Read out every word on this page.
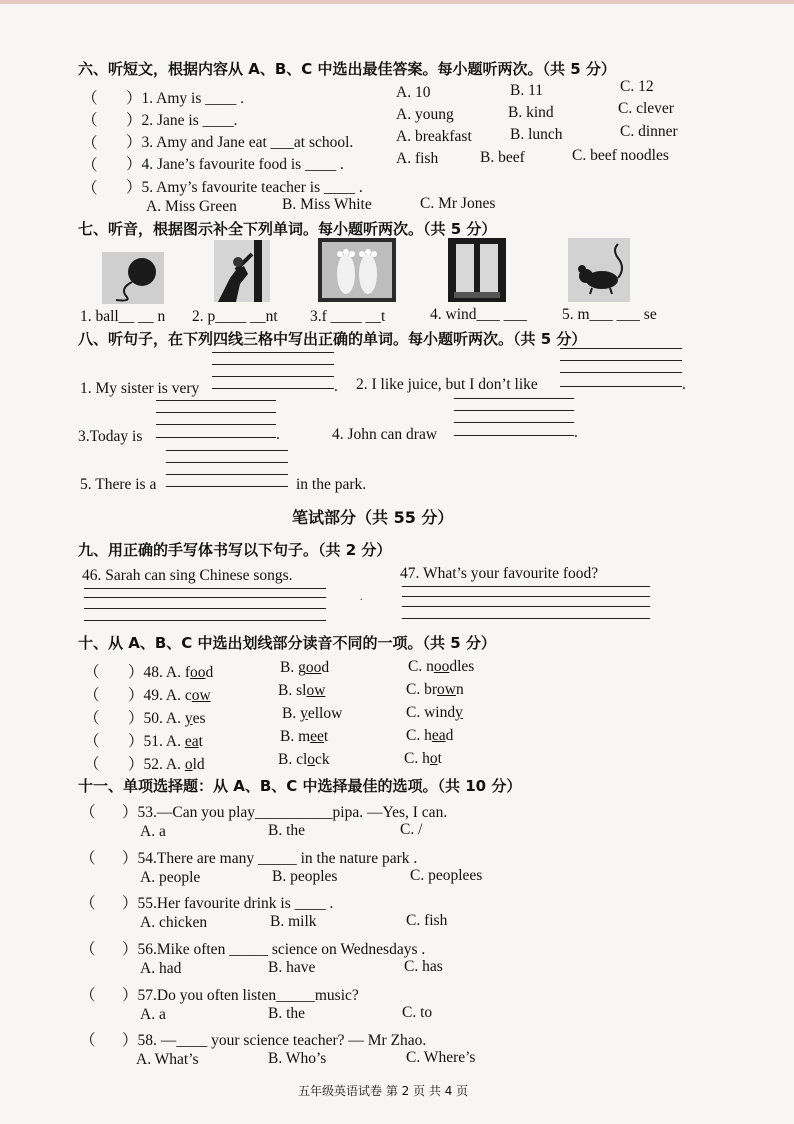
六、听短文，根据内容从 A、B、C 中选出最佳答案。每小题听两次。（共 5 分）
（ ）1. Amy is ____ .	A. 10	B. 11	C. 12
（ ）2. Jane is ____.	A. young	B. kind	C. clever
（ ）3. Amy and Jane eat ___at school.	A. breakfast B. lunch	C. dinner
（ ）4. Jane’s favourite food is ____ .	A. fish	B. beef	C. beef noodles
（ ）5. Amy’s favourite teacher is ____ .
A. Miss Green	B. Miss White	C. Mr Jones
七、听音，根据图示补全下列单词。每小题听两次。（共 5 分）
1. ball__ __ n 2. p____ __nt 3.f ____ __t	4. wind___ ___ 5. m___ ___ se
八、听句子，在下列四线三格中写出正确的单词。每小题听两次。（共 5 分）
1. My sister is very	. 2. I like juice, but I don’t like	.
3.Today is	.	4. John can draw	.
5. There is a	in the park.
笔试部分（共 55 分）
九、用正确的手写体书写以下句子。（共 2 分）
46. Sarah can sing Chinese songs.	47. What’s your favourite food?
.
十、从 A、B、C 中选出划线部分读音不同的一项。（共 5 分）
（ ）48. A. food	B. good	C. noodles
（ ）49. A. cow	B. slow	C. brown
（ ）50. A. yes	B. yellow	C. windy
（ ）51. A. eat	B. meet	C. head
（ ）52. A. old	B. clock	C. hot
十一、单项选择题：从 A、B、C 中选择最佳的选项。（共 10 分）
（ ）53.—Can you play__________pipa. —Yes, I can.
A. a	B. the	C. /
（ ）54.There are many _____ in the nature park .
A. people	B. peoples	C. peoplees
（ ）55.Her favourite drink is ____ .
A. chicken	B. milk	C. fish
（ ）56.Mike often _____ science on Wednesdays .
A. had	B. have	C. has
（ ）57.Do you often listen_____music?
A. a	B. the	C. to
（ ）58. —____ your science teacher? — Mr Zhao.
A. What’s	B. Who’s	C. Where’s
五年级英语试卷 第 2 页 共 4 页
